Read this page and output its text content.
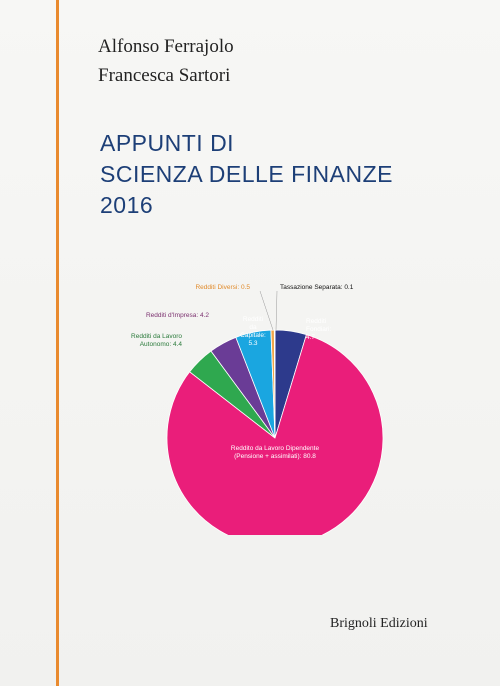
Alfonso Ferrajolo
Francesca Sartori
APPUNTI DI
SCIENZA DELLE FINANZE
2016
Redditi Fondiari: 4.7
Reddito da Lavoro Dipendente (Pensione + assimilati): 80.8
Redditi da Lavoro Autonomo: 4.4
Redditi d'Impresa: 4.2
Redditi da Capitale: 5.3
Redditi Diversi: 0.5	Tassazione Separata: 0.1
Brignoli Edizioni
